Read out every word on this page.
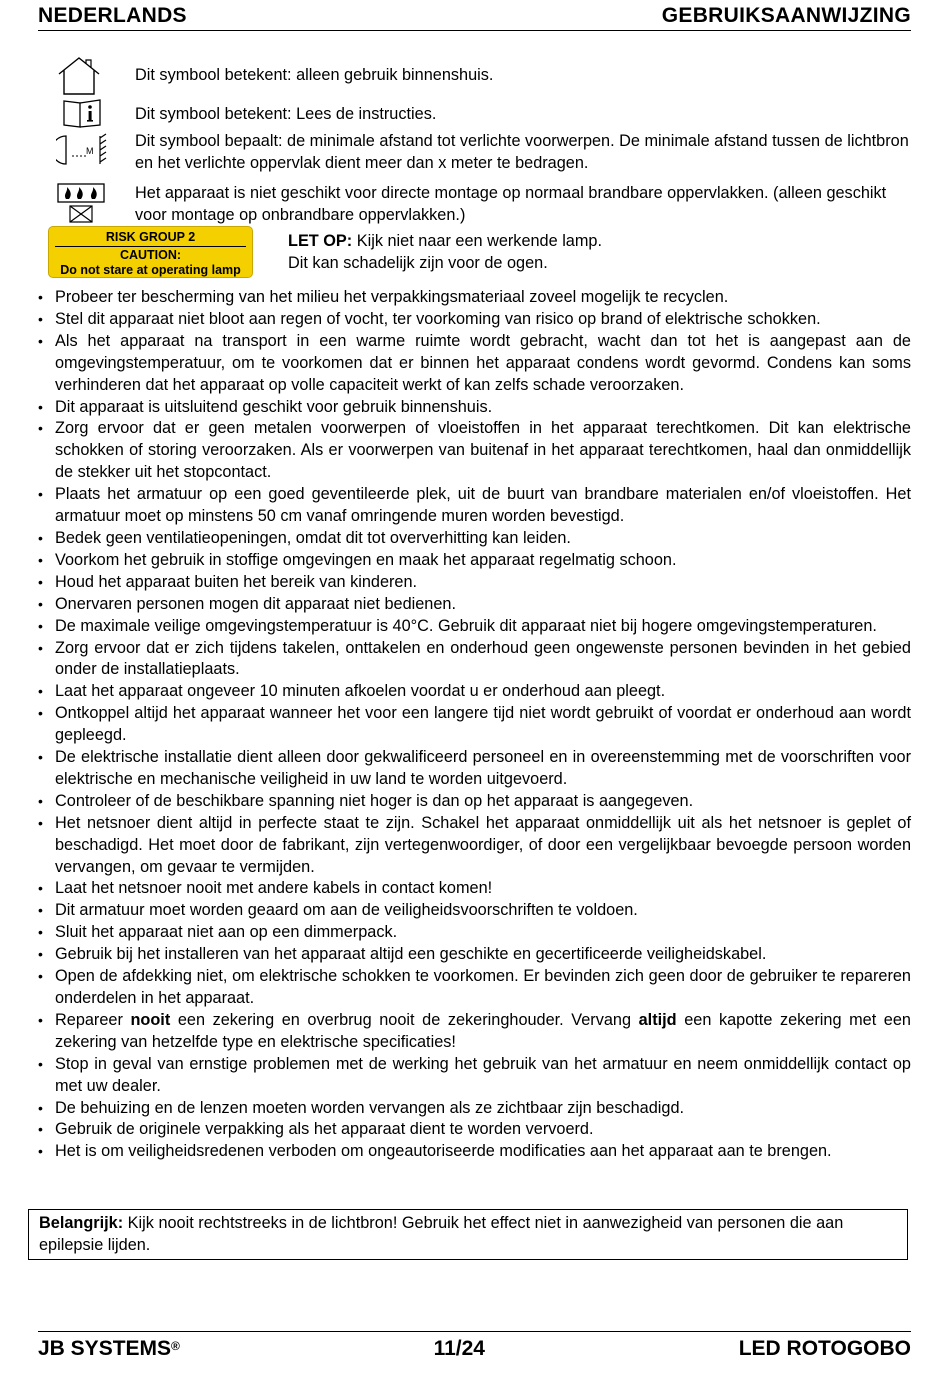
NEDERLANDS	GEBRUIKSAANWIJZING
Dit symbool betekent: alleen gebruik binnenshuis.
Dit symbool betekent: Lees de instructies.
M
Dit symbool bepaalt: de minimale afstand tot verlichte voorwerpen. De minimale afstand tussen de lichtbron en het verlichte oppervlak dient meer dan x meter te bedragen.
Het apparaat is niet geschikt voor directe montage op normaal brandbare oppervlakken. (alleen geschikt voor montage op onbrandbare oppervlakken.)
RISK GROUP 2
CAUTION:
Do not stare at operating lamp
LET OP: Kijk niet naar een werkende lamp.
Dit kan schadelijk zijn voor de ogen.
• Probeer ter bescherming van het milieu het verpakkingsmateriaal zoveel mogelijk te recyclen.
• Stel dit apparaat niet bloot aan regen of vocht, ter voorkoming van risico op brand of elektrische schokken.
• Als het apparaat na transport in een warme ruimte wordt gebracht, wacht dan tot het is aangepast aan de omgevingstemperatuur, om te voorkomen dat er binnen het apparaat condens wordt gevormd. Condens kan soms verhinderen dat het apparaat op volle capaciteit werkt of kan zelfs schade veroorzaken.
• Dit apparaat is uitsluitend geschikt voor gebruik binnenshuis.
• Zorg ervoor dat er geen metalen voorwerpen of vloeistoffen in het apparaat terechtkomen. Dit kan elektrische schokken of storing veroorzaken. Als er voorwerpen van buitenaf in het apparaat terechtkomen, haal dan onmiddellijk de stekker uit het stopcontact.
• Plaats het armatuur op een goed geventileerde plek, uit de buurt van brandbare materialen en/of vloeistoffen. Het armatuur moet op minstens 50 cm vanaf omringende muren worden bevestigd.
• Bedek geen ventilatieopeningen, omdat dit tot oververhitting kan leiden.
• Voorkom het gebruik in stoffige omgevingen en maak het apparaat regelmatig schoon.
• Houd het apparaat buiten het bereik van kinderen.
• Onervaren personen mogen dit apparaat niet bedienen.
• De maximale veilige omgevingstemperatuur is 40°C. Gebruik dit apparaat niet bij hogere omgevingstemperaturen.
• Zorg ervoor dat er zich tijdens takelen, onttakelen en onderhoud geen ongewenste personen bevinden in het gebied onder de installatieplaats.
• Laat het apparaat ongeveer 10 minuten afkoelen voordat u er onderhoud aan pleegt.
• Ontkoppel altijd het apparaat wanneer het voor een langere tijd niet wordt gebruikt of voordat er onderhoud aan wordt gepleegd.
• De elektrische installatie dient alleen door gekwalificeerd personeel en in overeenstemming met de voorschriften voor elektrische en mechanische veiligheid in uw land te worden uitgevoerd.
• Controleer of de beschikbare spanning niet hoger is dan op het apparaat is aangegeven.
• Het netsnoer dient altijd in perfecte staat te zijn. Schakel het apparaat onmiddellijk uit als het netsnoer is geplet of beschadigd. Het moet door de fabrikant, zijn vertegenwoordiger, of door een vergelijkbaar bevoegde persoon worden vervangen, om gevaar te vermijden.
• Laat het netsnoer nooit met andere kabels in contact komen!
• Dit armatuur moet worden geaard om aan de veiligheidsvoorschriften te voldoen.
• Sluit het apparaat niet aan op een dimmerpack.
• Gebruik bij het installeren van het apparaat altijd een geschikte en gecertificeerde veiligheidskabel.
• Open de afdekking niet, om elektrische schokken te voorkomen. Er bevinden zich geen door de gebruiker te repareren onderdelen in het apparaat.
• Repareer nooit een zekering en overbrug nooit de zekeringhouder. Vervang altijd een kapotte zekering met een zekering van hetzelfde type en elektrische specificaties!
• Stop in geval van ernstige problemen met de werking het gebruik van het armatuur en neem onmiddellijk contact op met uw dealer.
• De behuizing en de lenzen moeten worden vervangen als ze zichtbaar zijn beschadigd.
• Gebruik de originele verpakking als het apparaat dient te worden vervoerd.
• Het is om veiligheidsredenen verboden om ongeautoriseerde modificaties aan het apparaat aan te brengen.
Belangrijk: Kijk nooit rechtstreeks in de lichtbron! Gebruik het effect niet in aanwezigheid van personen die aan epilepsie lijden.
JB SYSTEMS®	11/24	LED ROTOGOBO
